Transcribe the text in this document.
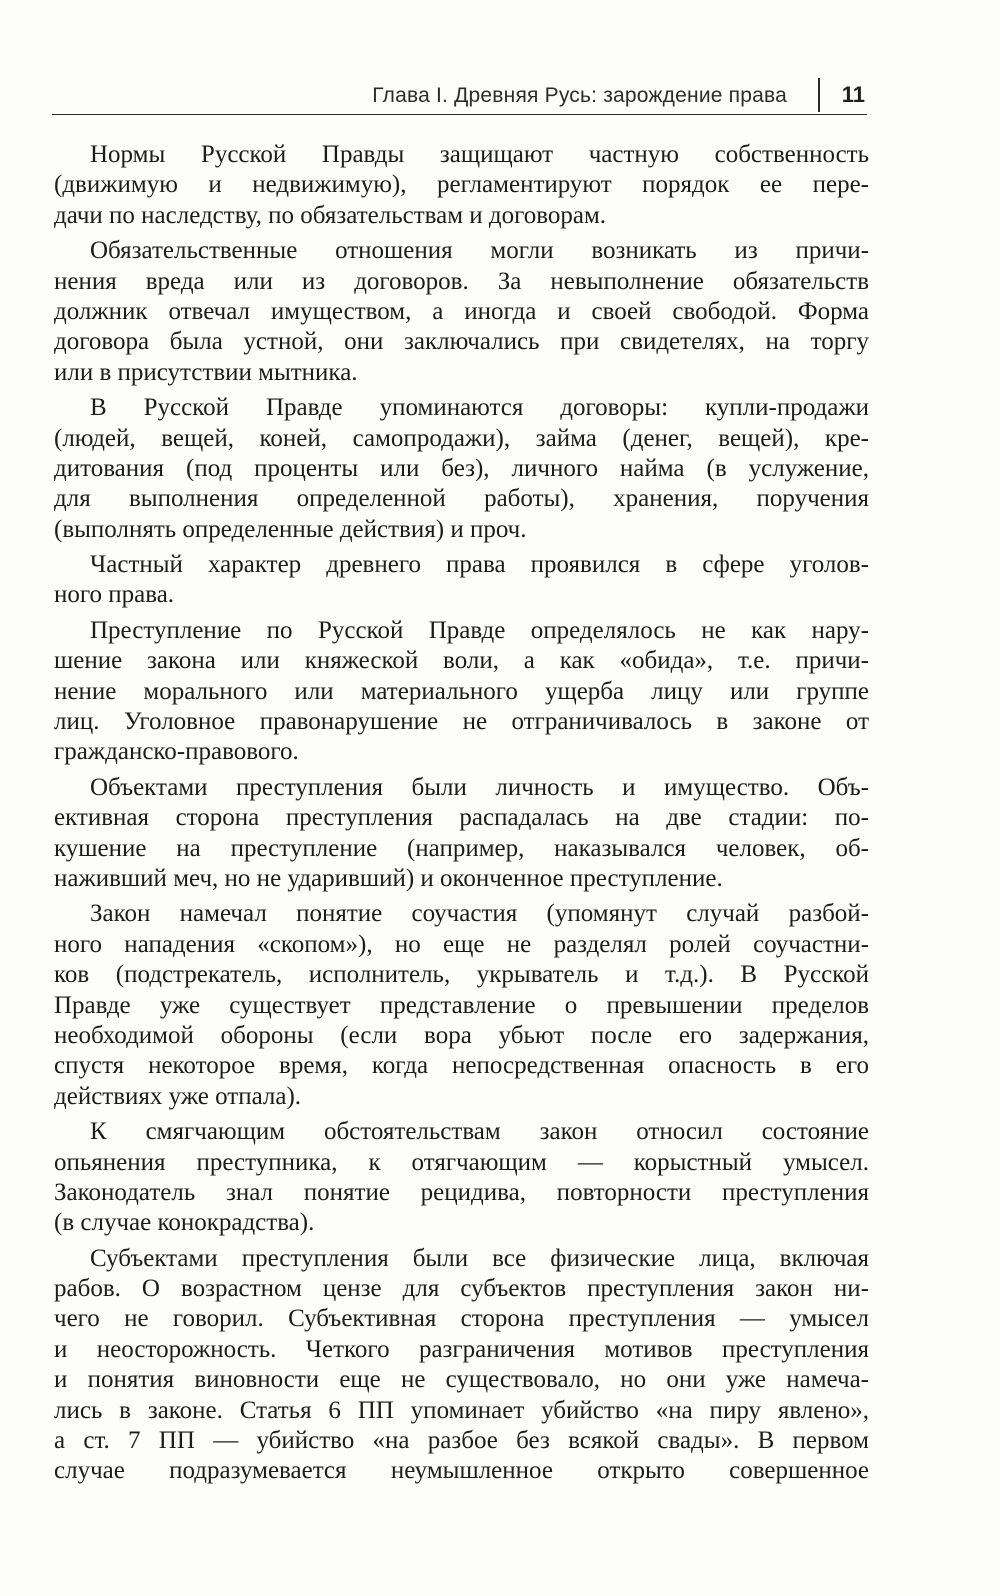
Глава I. Древняя Русь: зарождение права 11
Нормы Русской Правды защищают частную собственность
(движимую и недвижимую), регламентируют порядок ее пере-
дачи по наследству, по обязательствам и договорам.
Обязательственные отношения могли возникать из причи-
нения вреда или из договоров. За невыполнение обязательств
должник отвечал имуществом, а иногда и своей свободой. Форма
договора была устной, они заключались при свидетелях, на торгу
или в присутствии мытника.
В Русской Правде упоминаются договоры: купли-продажи
(людей, вещей, коней, самопродажи), займа (денег, вещей), кре-
дитования (под проценты или без), личного найма (в услужение,
для выполнения определенной работы), хранения, поручения
(выполнять определенные действия) и проч.
Частный характер древнего права проявился в сфере уголов-
ного права.
Преступление по Русской Правде определялось не как нару-
шение закона или княжеской воли, а как «обида», т.е. причи-
нение морального или материального ущерба лицу или группе
лиц. Уголовное правонарушение не отграничивалось в законе от
гражданско-правового.
Объектами преступления были личность и имущество. Объ-
ективная сторона преступления распадалась на две стадии: по-
кушение на преступление (например, наказывался человек, об-
наживший меч, но не ударивший) и оконченное преступление.
Закон намечал понятие соучастия (упомянут случай разбой-
ного нападения «скопом»), но еще не разделял ролей соучастни-
ков (подстрекатель, исполнитель, укрыватель и т.д.). В Русской
Правде уже существует представление о превышении пределов
необходимой обороны (если вора убьют после его задержания,
спустя некоторое время, когда непосредственная опасность в его
действиях уже отпала).
К смягчающим обстоятельствам закон относил состояние
опьянения преступника, к отягчающим — корыстный умысел.
Законодатель знал понятие рецидива, повторности преступления
(в случае конокрадства).
Субъектами преступления были все физические лица, включая
рабов. О возрастном цензе для субъектов преступления закон ни-
чего не говорил. Субъективная сторона преступления — умысел
и неосторожность. Четкого разграничения мотивов преступления
и понятия виновности еще не существовало, но они уже намеча-
лись в законе. Статья 6 ПП упоминает убийство «на пиру явлено»,
а ст. 7 ПП — убийство «на разбое без всякой свады». В первом
случае подразумевается неумышленное открыто совершенное
